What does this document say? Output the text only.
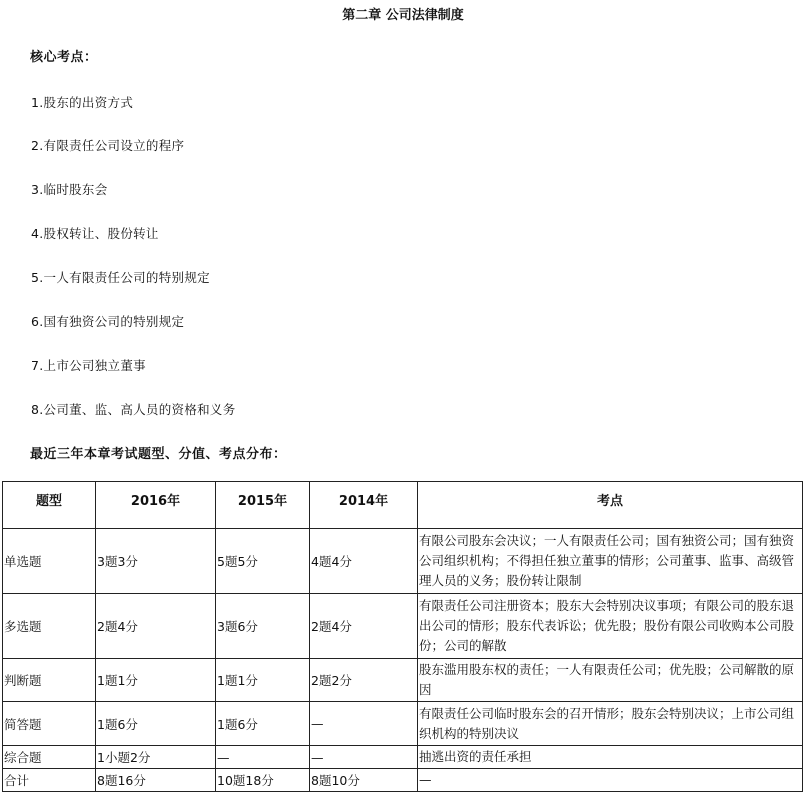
第二章 公司法律制度
核心考点：
1.股东的出资方式
2.有限责任公司设立的程序
3.临时股东会
4.股权转让、股份转让
5.一人有限责任公司的特别规定
6.国有独资公司的特别规定
7.上市公司独立董事
8.公司董、监、高人员的资格和义务
最近三年本章考试题型、分值、考点分布：
题型	2016年	2015年	2014年	考点
单选题	3题3分	5题5分	4题4分	有限公司股东会决议；一人有限责任公司；国有独资公司；国有独资公司组织机构；不得担任独立董事的情形；公司董事、监事、高级管理人员的义务；股份转让限制
多选题	2题4分	3题6分	2题4分	有限责任公司注册资本；股东大会特别决议事项；有限公司的股东退出公司的情形；股东代表诉讼；优先股；股份有限公司收购本公司股份；公司的解散
判断题	1题1分	1题1分	2题2分	股东滥用股东权的责任；一人有限责任公司；优先股；公司解散的原因
简答题	1题6分	1题6分	—	有限责任公司临时股东会的召开情形；股东会特别决议；上市公司组织机构的特别决议
综合题	1小题2分	—	—	抽逃出资的责任承担
合计	8题16分	10题18分	8题10分	—
